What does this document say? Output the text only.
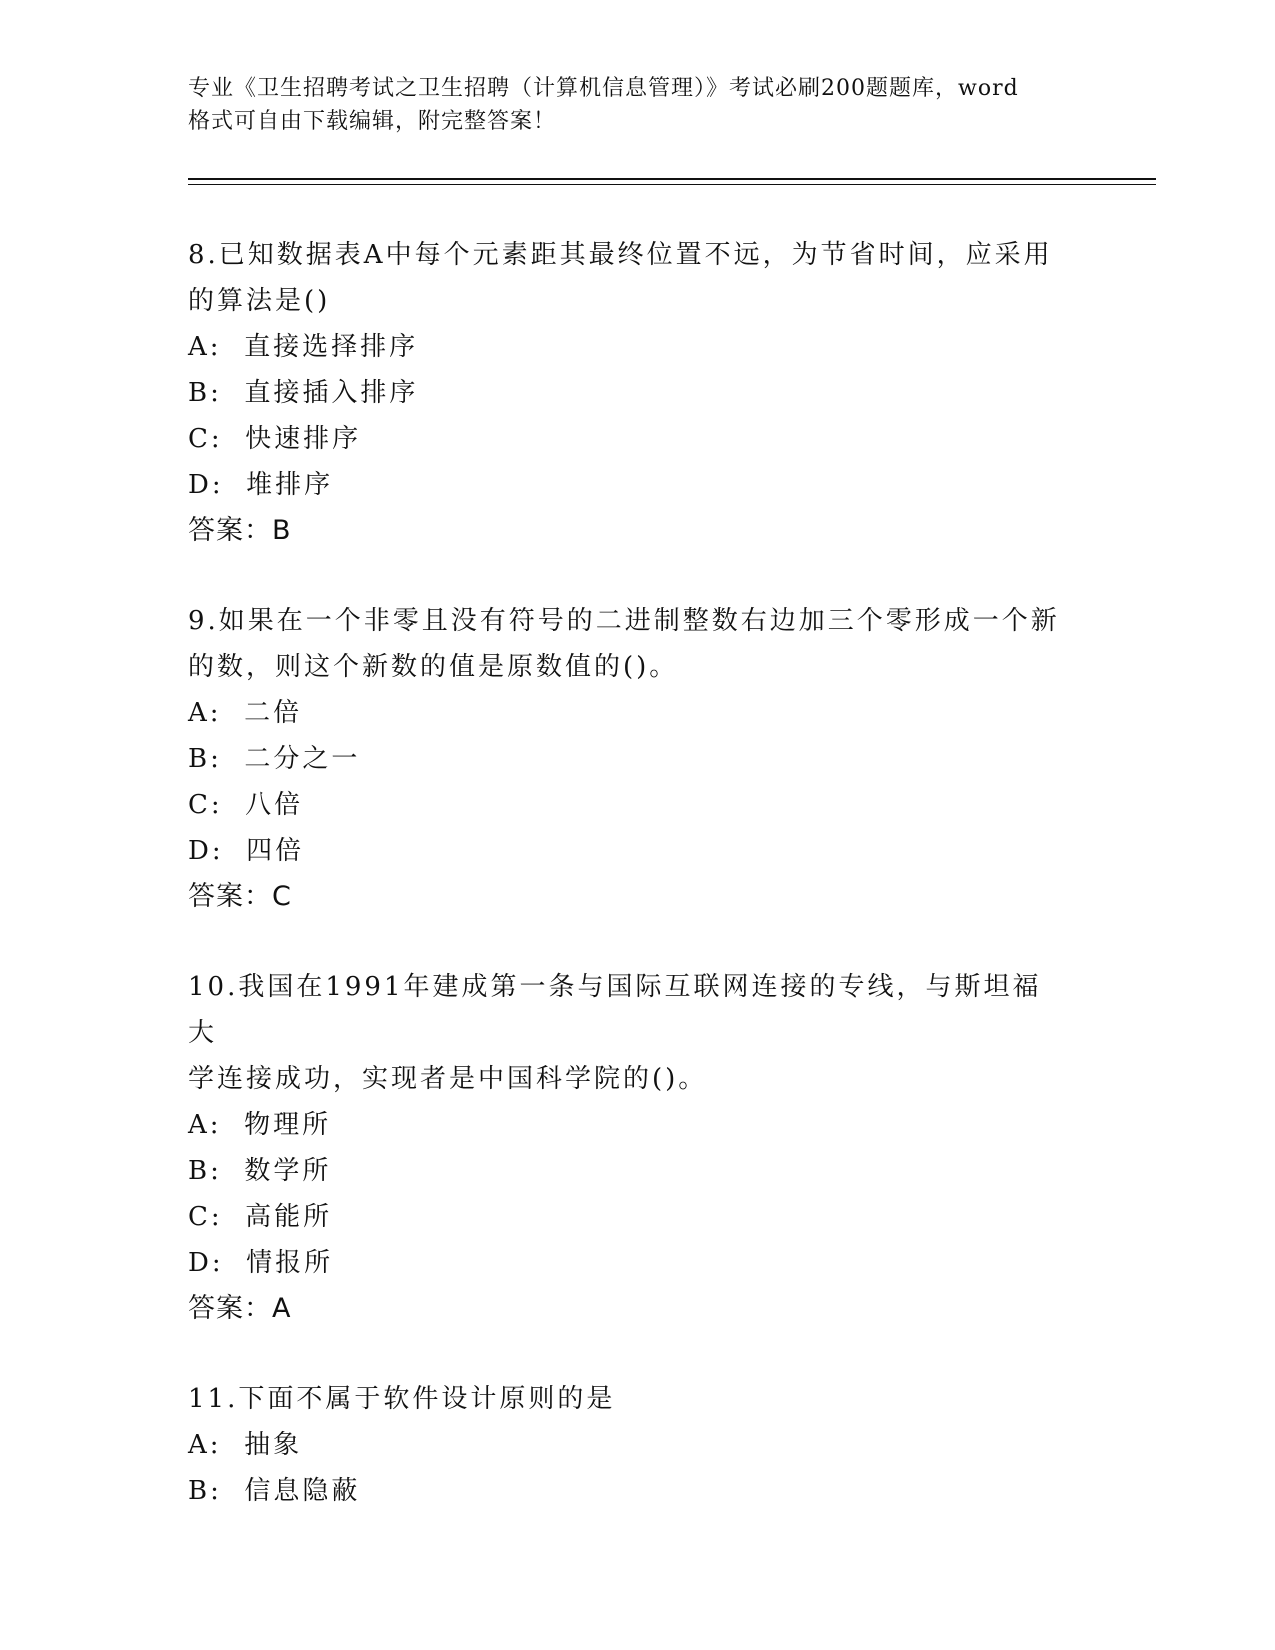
专业《卫生招聘考试之卫生招聘（计算机信息管理）》考试必刷200题题库，word
格式可自由下载编辑，附完整答案！
8.已知数据表A中每个元素距其最终位置不远，为节省时间，应采用
的算法是()
A:  直接选择排序
B:  直接插入排序
C:  快速排序
D:  堆排序
答案：B
9.如果在一个非零且没有符号的二进制整数右边加三个零形成一个新
的数，则这个新数的值是原数值的()。
A:  二倍
B:  二分之一
C:  八倍
D:  四倍
答案：C
10.我国在1991年建成第一条与国际互联网连接的专线，与斯坦福大
学连接成功，实现者是中国科学院的()。
A:  物理所
B:  数学所
C:  高能所
D:  情报所
答案：A
11.下面不属于软件设计原则的是
A:  抽象
B:  信息隐蔽
